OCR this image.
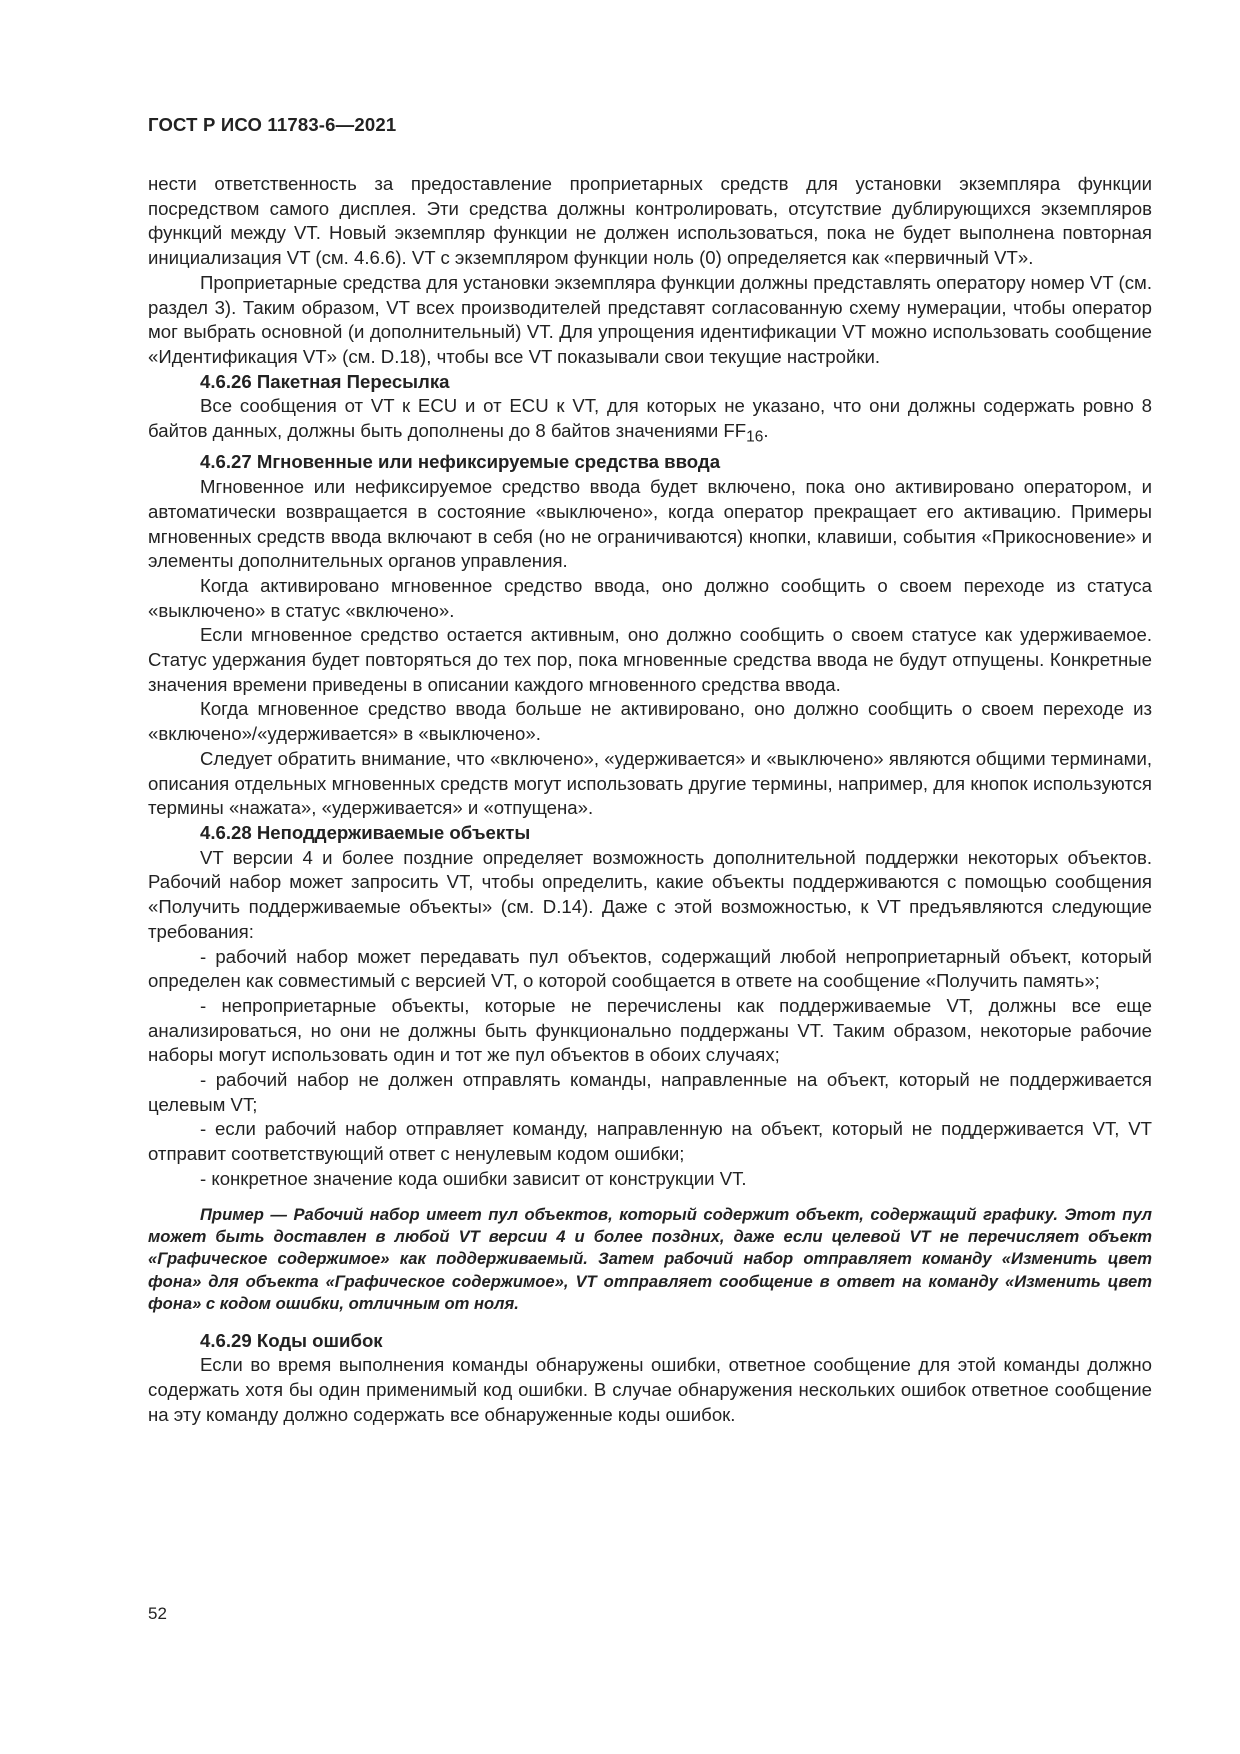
ГОСТ Р ИСО 11783-6—2021

нести ответственность за предоставление проприетарных средств для установки экземпляра функции посредством самого дисплея. Эти средства должны контролировать, отсутствие дублирующихся экземпляров функций между VT. Новый экземпляр функции не должен использоваться, пока не будет выполнена повторная инициализация VT (см. 4.6.6). VT с экземпляром функции ноль (0) определяется как «первичный VT».

Проприетарные средства для установки экземпляра функции должны представлять оператору номер VT (см. раздел 3). Таким образом, VT всех производителей представят согласованную схему нумерации, чтобы оператор мог выбрать основной (и дополнительный) VT. Для упрощения идентификации VT можно использовать сообщение «Идентификация VT» (см. D.18), чтобы все VT показывали свои текущие настройки.

4.6.26 Пакетная Пересылка

Все сообщения от VT к ECU и от ECU к VT, для которых не указано, что они должны содержать ровно 8 байтов данных, должны быть дополнены до 8 байтов значениями $FF_{16}$.

4.6.27 Мгновенные или нефиксируемые средства ввода

Мгновенное или нефиксируемое средство ввода будет включено, пока оно активировано оператором, и автоматически возвращается в состояние «выключено», когда оператор прекращает его активацию. Примеры мгновенных средств ввода включают в себя (но не ограничиваются) кнопки, клавиши, события «Прикосновение» и элементы дополнительных органов управления.

Когда активировано мгновенное средство ввода, оно должно сообщить о своем переходе из статуса «выключено» в статус «включено».

Если мгновенное средство остается активным, оно должно сообщить о своем статусе как удерживаемое. Статус удержания будет повторяться до тех пор, пока мгновенные средства ввода не будут отпущены. Конкретные значения времени приведены в описании каждого мгновенного средства ввода.

Когда мгновенное средство ввода больше не активировано, оно должно сообщить о своем переходе из «включено»/«удерживается» в «выключено».

Следует обратить внимание, что «включено», «удерживается» и «выключено» являются общими терминами, описания отдельных мгновенных средств могут использовать другие термины, например, для кнопок используются термины «нажата», «удерживается» и «отпущена».

4.6.28 Неподдерживаемые объекты

VT версии 4 и более поздние определяет возможность дополнительной поддержки некоторых объектов. Рабочий набор может запросить VT, чтобы определить, какие объекты поддерживаются с помощью сообщения «Получить поддерживаемые объекты» (см. D.14). Даже с этой возможностью, к VT предъявляются следующие требования:

- рабочий набор может передавать пул объектов, содержащий любой непроприетарный объект, который определен как совместимый с версией VT, о которой сообщается в ответе на сообщение «Получить память»;

- непроприетарные объекты, которые не перечислены как поддерживаемые VT, должны все еще анализироваться, но они не должны быть функционально поддержаны VT. Таким образом, некоторые рабочие наборы могут использовать один и тот же пул объектов в обоих случаях;

- рабочий набор не должен отправлять команды, направленные на объект, который не поддерживается целевым VT;

- если рабочий набор отправляет команду, направленную на объект, который не поддерживается VT, VT отправит соответствующий ответ с ненулевым кодом ошибки;

- конкретное значение кода ошибки зависит от конструкции VT.

Пример — Рабочий набор имеет пул объектов, который содержит объект, содержащий графику. Этот пул может быть доставлен в любой VT версии 4 и более поздних, даже если целевой VT не перечисляет объект «Графическое содержимое» как поддерживаемый. Затем рабочий набор отправляет команду «Изменить цвет фона» для объекта «Графическое содержимое», VT отправляет сообщение в ответ на команду «Изменить цвет фона» с кодом ошибки, отличным от ноля.

4.6.29 Коды ошибок

Если во время выполнения команды обнаружены ошибки, ответное сообщение для этой команды должно содержать хотя бы один применимый код ошибки. В случае обнаружения нескольких ошибок ответное сообщение на эту команду должно содержать все обнаруженные коды ошибок.

52
